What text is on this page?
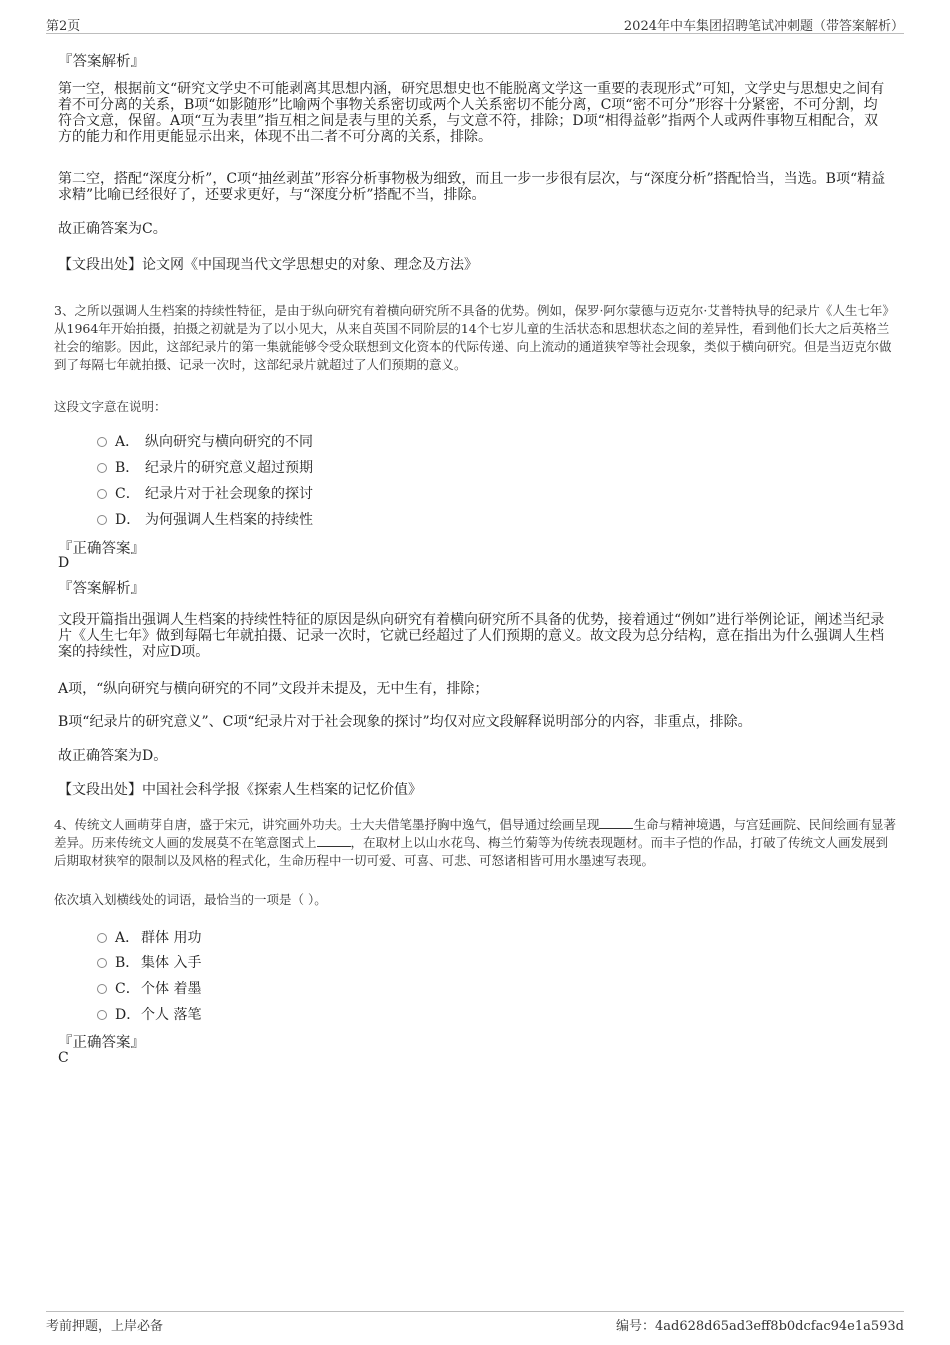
第2页	2024年中车集团招聘笔试冲刺题（带答案解析）
『答案解析』
第一空，根据前文“研究文学史不可能剥离其思想内涵，研究思想史也不能脱离文学这一重要的表现形式”可知，文学史与思想史之间有着不可分离的关系，B项“如影随形”比喻两个事物关系密切或两个人关系密切不能分离，C项“密不可分”形容十分紧密，不可分割，均符合文意，保留。A项“互为表里”指互相之间是表与里的关系，与文意不符，排除；D项“相得益彰”指两个人或两件事物互相配合，双方的能力和作用更能显示出来，体现不出二者不可分离的关系，排除。
第二空，搭配“深度分析”，C项“抽丝剥茧”形容分析事物极为细致，而且一步一步很有层次，与“深度分析”搭配恰当，当选。B项“精益求精”比喻已经很好了，还要求更好，与“深度分析”搭配不当，排除。
故正确答案为C。
【文段出处】论文网《中国现当代文学思想史的对象、理念及方法》
3、之所以强调人生档案的持续性特征，是由于纵向研究有着横向研究所不具备的优势。例如，保罗·阿尔蒙德与迈克尔·艾普特执导的纪录片《人生七年》从1964年开始拍摄，拍摄之初就是为了以小见大，从来自英国不同阶层的14个七岁儿童的生活状态和思想状态之间的差异性，看到他们长大之后英格兰社会的缩影。因此，这部纪录片的第一集就能够令受众联想到文化资本的代际传递、向上流动的通道狭窄等社会现象，类似于横向研究。但是当迈克尔做到了每隔七年就拍摄、记录一次时，这部纪录片就超过了人们预期的意义。
这段文字意在说明：
A． 纵向研究与横向研究的不同
B． 纪录片的研究意义超过预期
C． 纪录片对于社会现象的探讨
D． 为何强调人生档案的持续性
『正确答案』
D
『答案解析』
文段开篇指出强调人生档案的持续性特征的原因是纵向研究有着横向研究所不具备的优势，接着通过“例如”进行举例论证，阐述当纪录片《人生七年》做到每隔七年就拍摄、记录一次时，它就已经超过了人们预期的意义。故文段为总分结构，意在指出为什么强调人生档案的持续性，对应D项。
A项，“纵向研究与横向研究的不同”文段并未提及，无中生有，排除；
B项“纪录片的研究意义”、C项“纪录片对于社会现象的探讨”均仅对应文段解释说明部分的内容，非重点，排除。
故正确答案为D。
【文段出处】中国社会科学报《探索人生档案的记忆价值》
4、传统文人画萌芽自唐，盛于宋元，讲究画外功夫。士大夫借笔墨抒胸中逸气，倡导通过绘画呈现	生命与精神境遇，与宫廷画院、民间绘画有显著差异。历来传统文人画的发展莫不在笔意图式上	，在取材上以山水花鸟、梅兰竹菊等为传统表现题材。而丰子恺的作品，打破了传统文人画发展到后期取材狭窄的限制以及风格的程式化，生命历程中一切可爱、可喜、可悲、可怒诸相皆可用水墨速写表现。
依次填入划横线处的词语，最恰当的一项是（ ）。
A． 群体 用功
B． 集体 入手
C．个体 着墨
D．个人 落笔
『正确答案』
C
考前押题，上岸必备	编号：4ad628d65ad3eff8b0dcfac94e1a593d
